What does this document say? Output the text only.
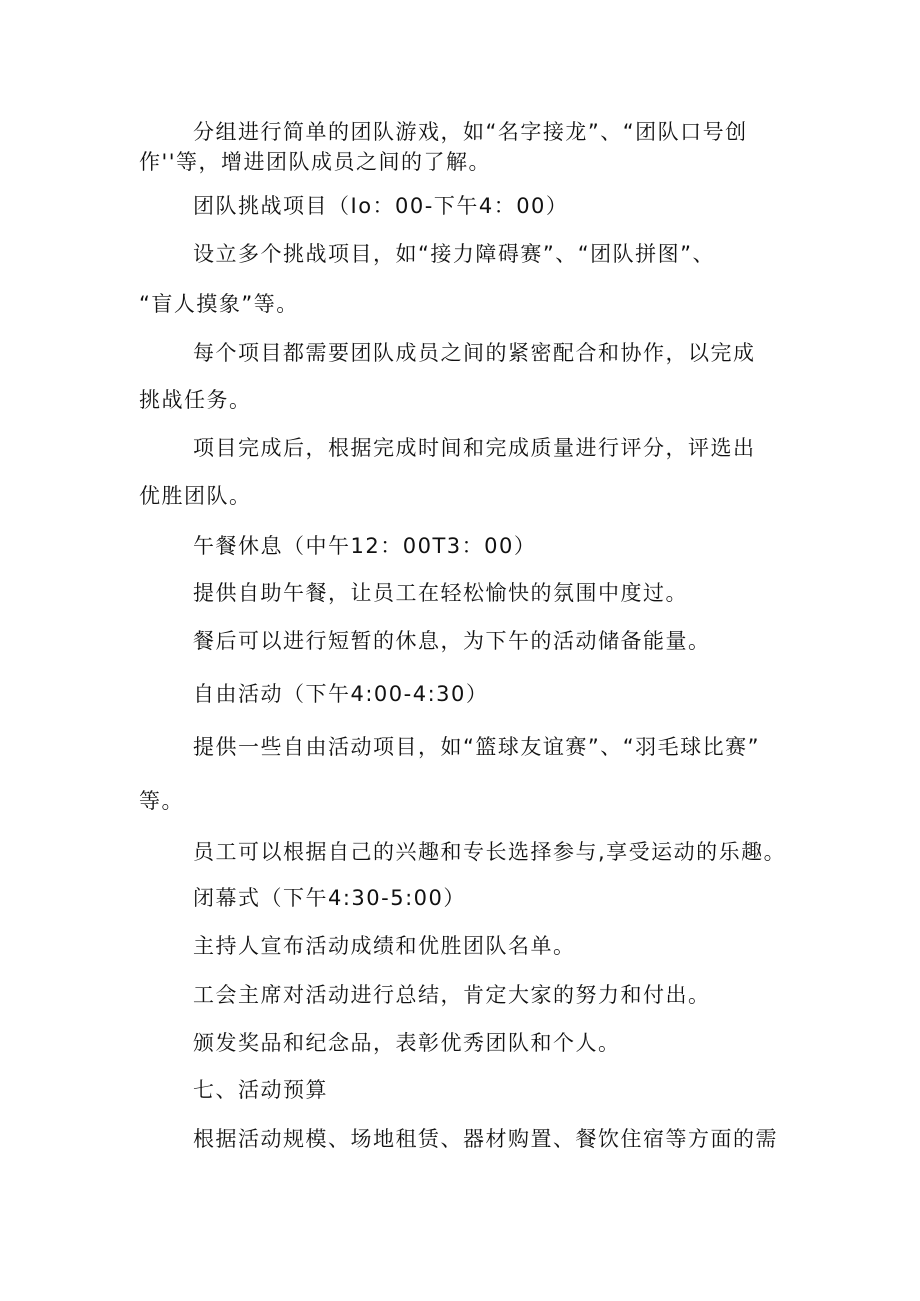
分组进行简单的团队游戏，如“名字接龙”、“团队口号创
作''等，增进团队成员之间的了解。
团队挑战项目（Io：00-下午4：00）
设立多个挑战项目，如“接力障碍赛”、“团队拼图”、
“盲人摸象”等。
每个项目都需要团队成员之间的紧密配合和协作，以完成
挑战任务。
项目完成后，根据完成时间和完成质量进行评分，评选出
优胜团队。
午餐休息（中午12：00T3：00）
提供自助午餐，让员工在轻松愉快的氛围中度过。
餐后可以进行短暂的休息，为下午的活动储备能量。
自由活动（下午4:00-4:30）
提供一些自由活动项目，如“篮球友谊赛”、“羽毛球比赛”
等。
员工可以根据自己的兴趣和专长选择参与,享受运动的乐趣。
闭幕式（下午4:30-5:00）
主持人宣布活动成绩和优胜团队名单。
工会主席对活动进行总结，肯定大家的努力和付出。
颁发奖品和纪念品，表彰优秀团队和个人。
七、活动预算
根据活动规模、场地租赁、器材购置、餐饮住宿等方面的需
